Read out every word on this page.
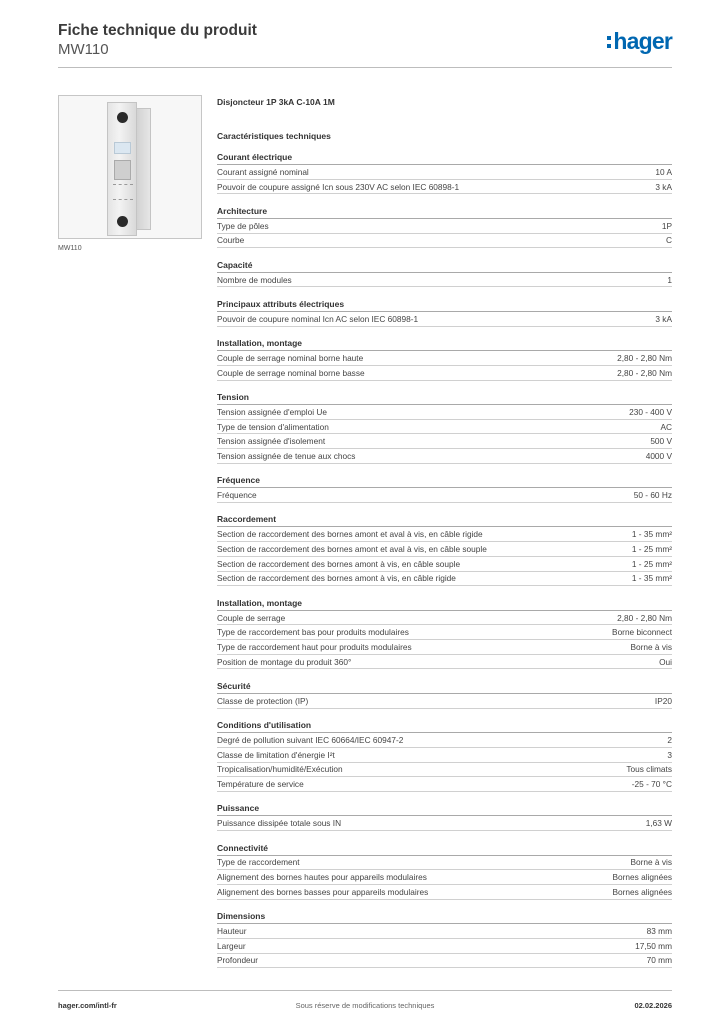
Fiche technique du produit
MW110	hager
MW110
Disjoncteur 1P 3kA C-10A 1M
Caractéristiques techniques
Courant électrique
Courant assigné nominal	10 A
Pouvoir de coupure assigné Icn sous 230V AC selon IEC 60898-1	3 kA
Architecture
Type de pôles	1P
Courbe	C
Capacité
Nombre de modules	1
Principaux attributs électriques
Pouvoir de coupure nominal Icn AC selon IEC 60898-1	3 kA
Installation, montage
Couple de serrage nominal borne haute	2,80 - 2,80 Nm
Couple de serrage nominal borne basse	2,80 - 2,80 Nm
Tension
Tension assignée d'emploi Ue	230 - 400 V
Type de tension d'alimentation	AC
Tension assignée d'isolement	500 V
Tension assignée de tenue aux chocs	4000 V
Fréquence
Fréquence	50 - 60 Hz
Raccordement
Section de raccordement des bornes amont et aval à vis, en câble rigide	1 - 35 mm²
Section de raccordement des bornes amont et aval à vis, en câble souple	1 - 25 mm²
Section de raccordement des bornes amont à vis, en câble souple	1 - 25 mm²
Section de raccordement des bornes amont à vis, en câble rigide	1 - 35 mm²
Installation, montage
Couple de serrage	2,80 - 2,80 Nm
Type de raccordement bas pour produits modulaires	Borne biconnect
Type de raccordement haut pour produits modulaires	Borne à vis
Position de montage du produit 360°	Oui
Sécurité
Classe de protection (IP)	IP20
Conditions d'utilisation
Degré de pollution suivant IEC 60664/IEC 60947-2	2
Classe de limitation d'énergie I²t	3
Tropicalisation/humidité/Exécution	Tous climats
Température de service	-25 - 70 °C
Puissance
Puissance dissipée totale sous IN	1,63 W
Connectivité
Type de raccordement	Borne à vis
Alignement des bornes hautes pour appareils modulaires	Bornes alignées
Alignement des bornes basses pour appareils modulaires	Bornes alignées
Dimensions
Hauteur	83 mm
Largeur	17,50 mm
Profondeur	70 mm
hager.com/intl-fr	Sous réserve de modifications techniques	02.02.2026
